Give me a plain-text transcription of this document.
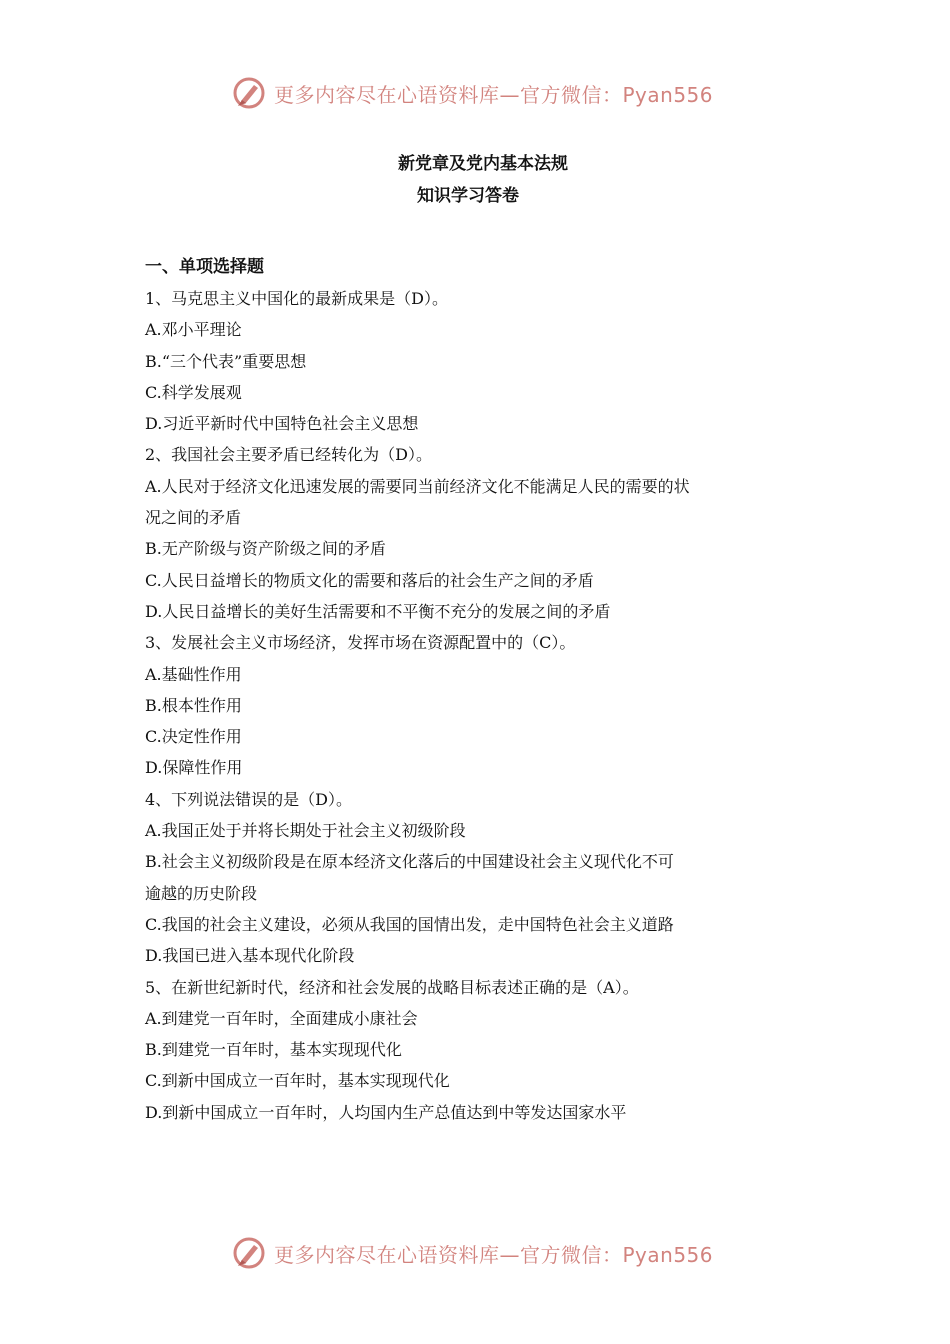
更多内容尽在心语资料库—官方微信：Pyan556
新党章及党内基本法规
知识学习答卷
一、单项选择题
1、马克思主义中国化的最新成果是（D）。
A.邓小平理论
B.“三个代表”重要思想
C.科学发展观
D.习近平新时代中国特色社会主义思想
2、我国社会主要矛盾已经转化为（D）。
A.人民对于经济文化迅速发展的需要同当前经济文化不能满足人民的需要的状
况之间的矛盾
B.无产阶级与资产阶级之间的矛盾
C.人民日益增长的物质文化的需要和落后的社会生产之间的矛盾
D.人民日益增长的美好生活需要和不平衡不充分的发展之间的矛盾
3、发展社会主义市场经济，发挥市场在资源配置中的（C）。
A.基础性作用
B.根本性作用
C.决定性作用
D.保障性作用
4、下列说法错误的是（D）。
A.我国正处于并将长期处于社会主义初级阶段
B.社会主义初级阶段是在原本经济文化落后的中国建设社会主义现代化不可
逾越的历史阶段
C.我国的社会主义建设，必须从我国的国情出发，走中国特色社会主义道路
D.我国已进入基本现代化阶段
5、在新世纪新时代，经济和社会发展的战略目标表述正确的是（A）。
A.到建党一百年时，全面建成小康社会
B.到建党一百年时，基本实现现代化
C.到新中国成立一百年时，基本实现现代化
D.到新中国成立一百年时，人均国内生产总值达到中等发达国家水平
更多内容尽在心语资料库—官方微信：Pyan556
